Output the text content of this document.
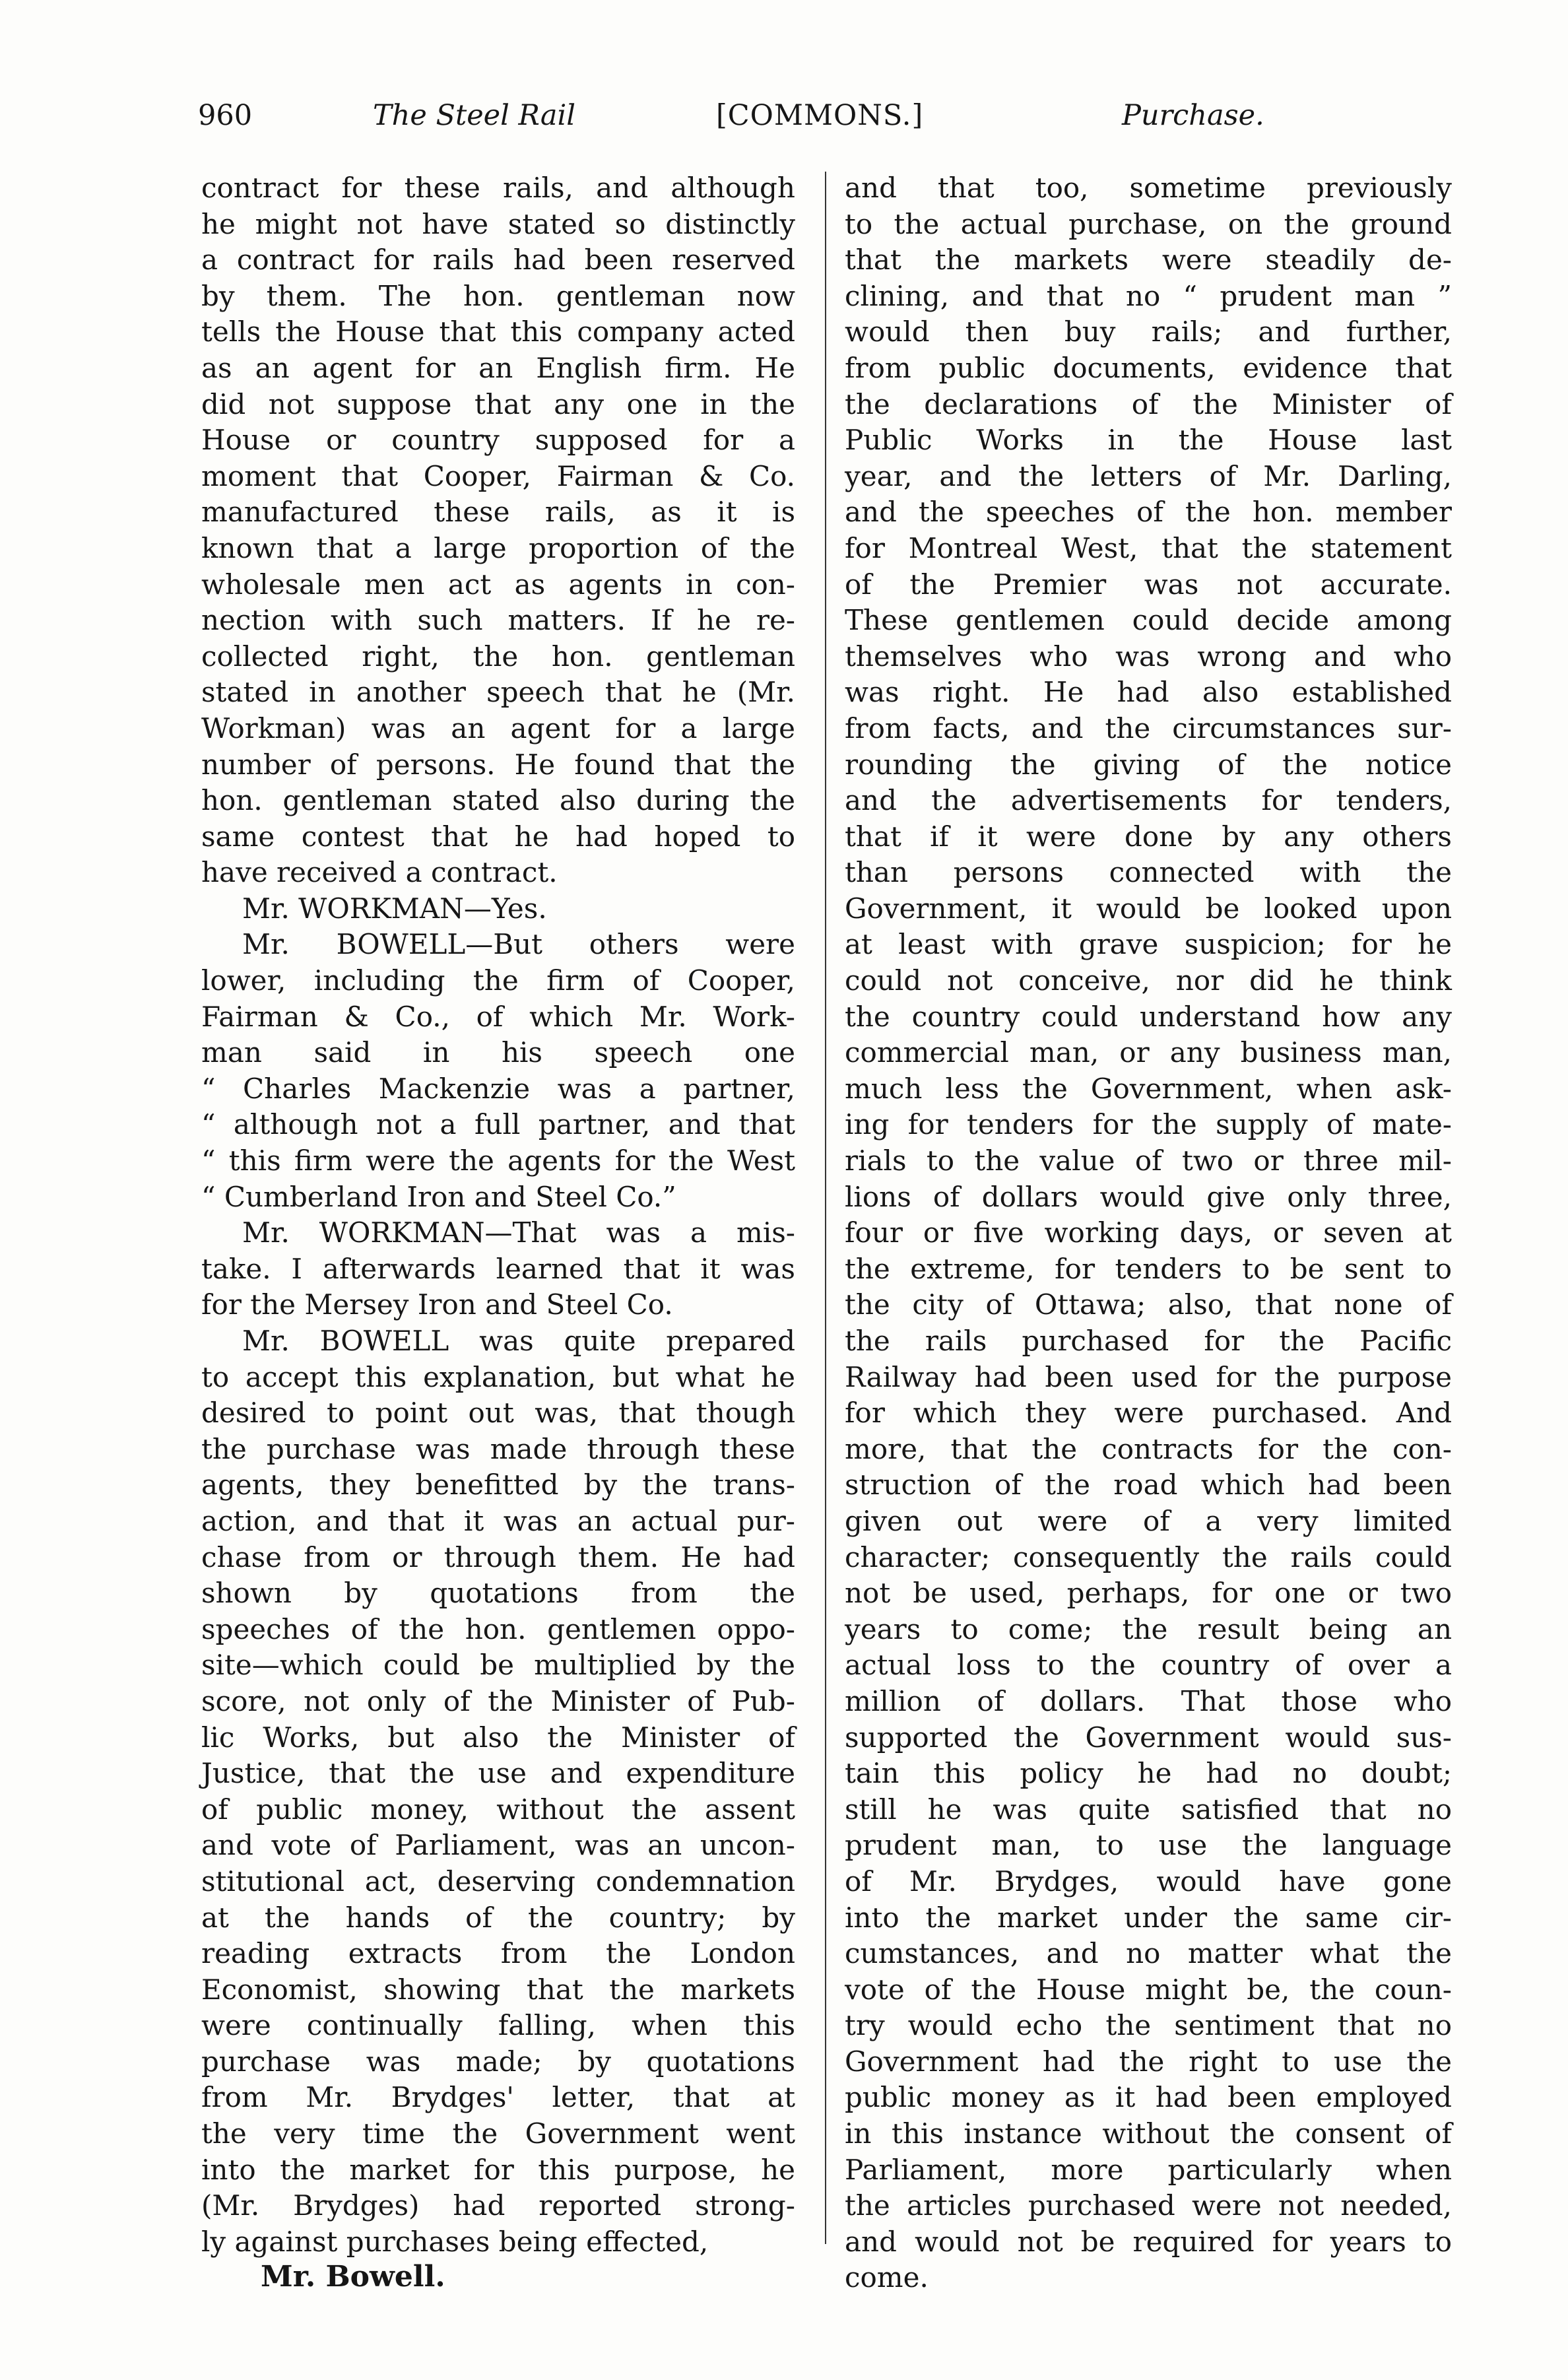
960	The Steel Rail	[COMMONS.]	Purchase.

contract for these rails, and although

he might not have stated so distinctly

a contract for rails had been reserved

by them. The hon. gentleman now

tells the House that this company acted

as an agent for an English firm. He

did not suppose that any one in the

House or country supposed for a

moment that Cooper, Fairman & Co.

manufactured these rails, as it is

known that a large proportion of the

wholesale men act as agents in con-

nection with such matters. If he re-

collected right, the hon. gentleman

stated in another speech that he (Mr.

Workman) was an agent for a large

number of persons. He found that the

hon. gentleman stated also during the

same contest that he had hoped to

have received a contract.

Mr. WORKMAN—Yes.

Mr. BOWELL—But others were

lower, including the firm of Cooper,

Fairman & Co., of which Mr. Work-

man said in his speech one

“ Charles Mackenzie was a partner,

“ although not a full partner, and that

“ this firm were the agents for the West

“ Cumberland Iron and Steel Co.”

Mr. WORKMAN—That was a mis-

take. I afterwards learned that it was

for the Mersey Iron and Steel Co.

Mr. BOWELL was quite prepared

to accept this explanation, but what he

desired to point out was, that though

the purchase was made through these

agents, they benefitted by the trans-

action, and that it was an actual pur-

chase from or through them. He had

shown by quotations from the

speeches of the hon. gentlemen oppo-

site—which could be multiplied by the

score, not only of the Minister of Pub-

lic Works, but also the Minister of

Justice, that the use and expenditure

of public money, without the assent

and vote of Parliament, was an uncon-

stitutional act, deserving condemnation

at the hands of the country; by

reading extracts from the London

Economist, showing that the markets

were continually falling, when this

purchase was made; by quotations

from Mr. Brydges' letter, that at

the very time the Government went

into the market for this purpose, he

(Mr. Brydges) had reported strong-

ly against purchases being effected,

and that too, sometime previously

to the actual purchase, on the ground

that the markets were steadily de-

clining, and that no “ prudent man ”

would then buy rails; and further,

from public documents, evidence that

the declarations of the Minister of

Public Works in the House last

year, and the letters of Mr. Darling,

and the speeches of the hon. member

for Montreal West, that the statement

of the Premier was not accurate.

These gentlemen could decide among

themselves who was wrong and who

was right. He had also established

from facts, and the circumstances sur-

rounding the giving of the notice

and the advertisements for tenders,

that if it were done by any others

than persons connected with the

Government, it would be looked upon

at least with grave suspicion; for he

could not conceive, nor did he think

the country could understand how any

commercial man, or any business man,

much less the Government, when ask-

ing for tenders for the supply of mate-

rials to the value of two or three mil-

lions of dollars would give only three,

four or five working days, or seven at

the extreme, for tenders to be sent to

the city of Ottawa; also, that none of

the rails purchased for the Pacific

Railway had been used for the purpose

for which they were purchased. And

more, that the contracts for the con-

struction of the road which had been

given out were of a very limited

character; consequently the rails could

not be used, perhaps, for one or two

years to come; the result being an

actual loss to the country of over a

million of dollars. That those who

supported the Government would sus-

tain this policy he had no doubt;

still he was quite satisfied that no

prudent man, to use the language

of Mr. Brydges, would have gone

into the market under the same cir-

cumstances, and no matter what the

vote of the House might be, the coun-

try would echo the sentiment that no

Government had the right to use the

public money as it had been employed

in this instance without the consent of

Parliament, more particularly when

the articles purchased were not needed,

and would not be required for years to

come.

Mr. Bowell.
